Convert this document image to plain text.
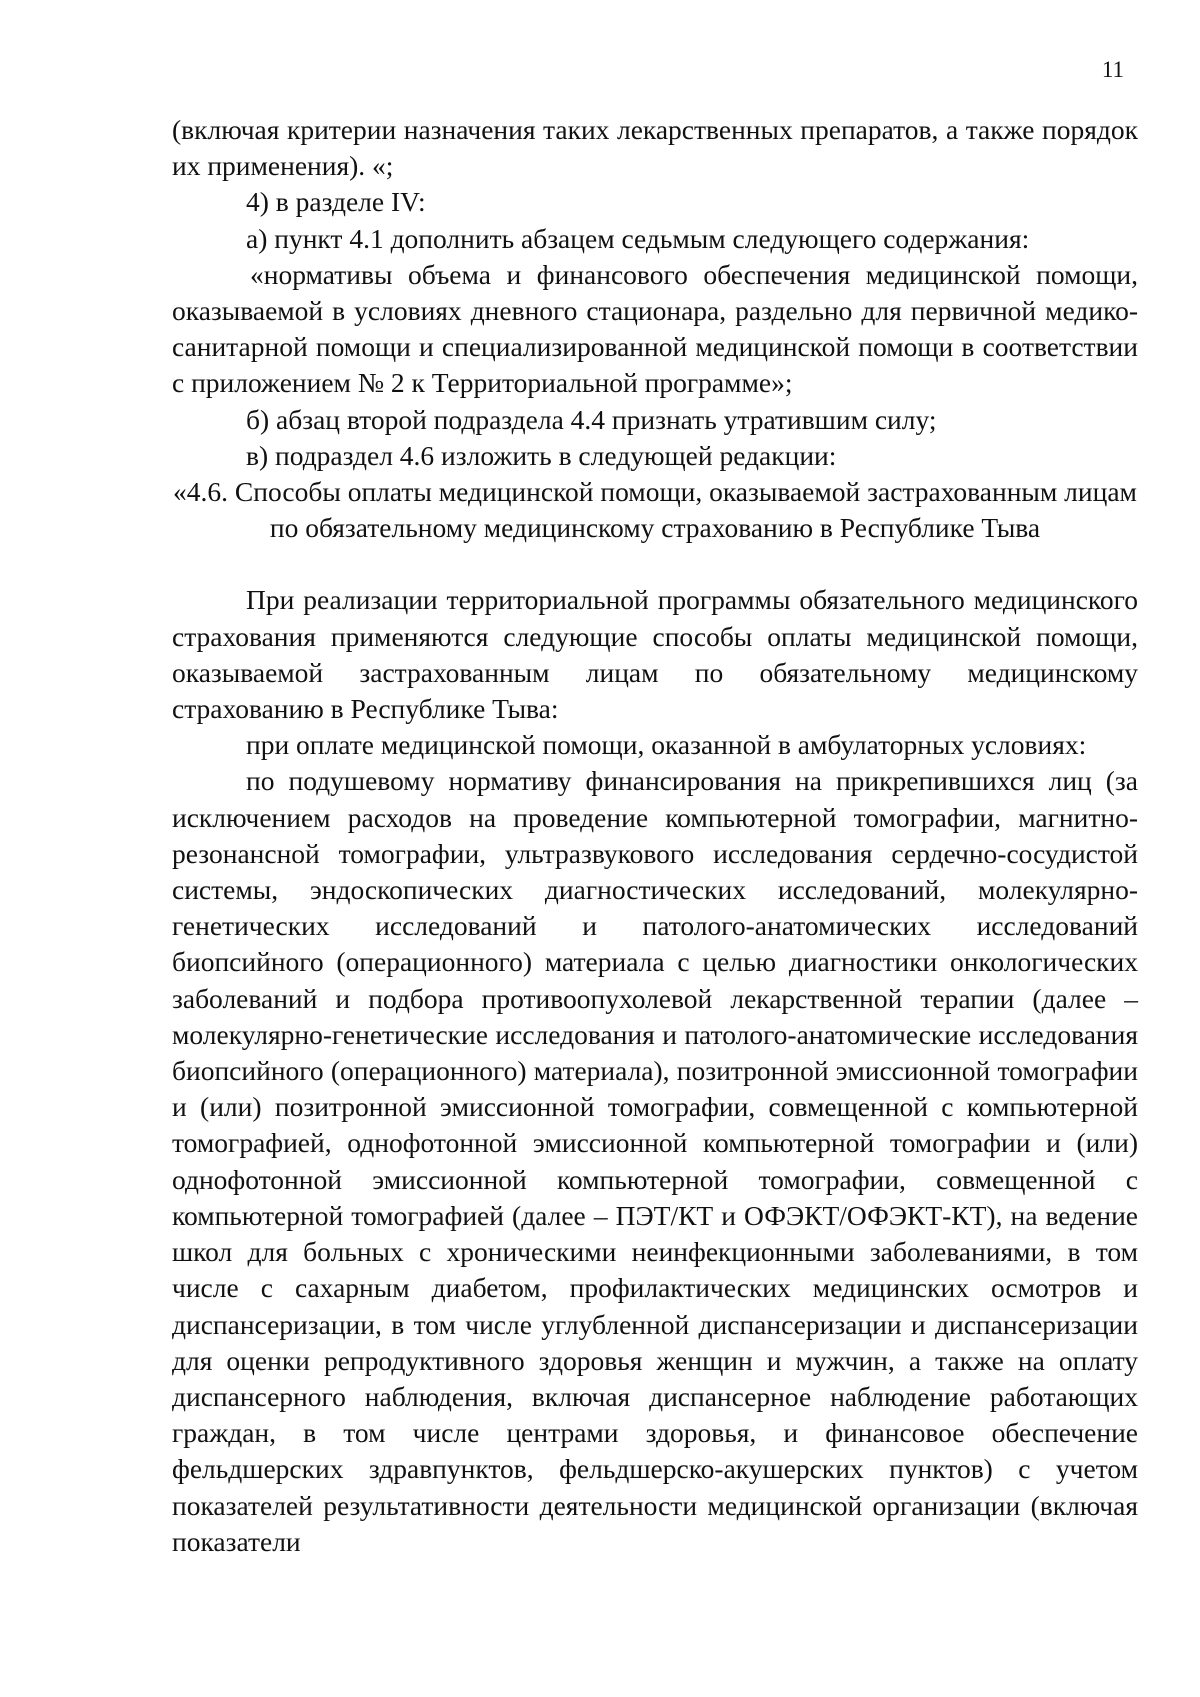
11

(включая критерии назначения таких лекарственных препаратов, а также порядок их применения). «;

4) в разделе IV:

а) пункт 4.1 дополнить абзацем седьмым следующего содержания:

«нормативы объема и финансового обеспечения медицинской помощи, оказываемой в условиях дневного стационара, раздельно для первичной медико-санитарной помощи и специализированной медицинской помощи в соответствии с приложением № 2 к Территориальной программе»;

б) абзац второй подраздела 4.4 признать утратившим силу;

в) подраздел 4.6 изложить в следующей редакции:

«4.6. Способы оплаты медицинской помощи, оказываемой застрахованным лицам по обязательному медицинскому страхованию в Республике Тыва

При реализации территориальной программы обязательного медицинского страхования применяются следующие способы оплаты медицинской помощи, оказываемой застрахованным лицам по обязательному медицинскому страхованию в Республике Тыва:

при оплате медицинской помощи, оказанной в амбулаторных условиях:

по подушевому нормативу финансирования на прикрепившихся лиц (за исключением расходов на проведение компьютерной томографии, магнитно-резонансной томографии, ультразвукового исследования сердечно-сосудистой системы, эндоскопических диагностических исследований, молекулярно-генетических исследований и патолого-анатомических исследований биопсийного (операционного) материала с целью диагностики онкологических заболеваний и подбора противоопухолевой лекарственной терапии (далее – молекулярно-генетические исследования и патолого-анатомические исследования биопсийного (операционного) материала), позитронной эмиссионной томографии и (или) позитронной эмиссионной томографии, совмещенной с компьютерной томографией, однофотонной эмиссионной компьютерной томографии и (или) однофотонной эмиссионной компьютерной томографии, совмещенной с компьютерной томографией (далее – ПЭТ/КТ и ОФЭКТ/ОФЭКТ-КТ), на ведение школ для больных с хроническими неинфекционными заболеваниями, в том числе с сахарным диабетом, профилактических медицинских осмотров и диспансеризации, в том числе углубленной диспансеризации и диспансеризации для оценки репродуктивного здоровья женщин и мужчин, а также на оплату диспансерного наблюдения, включая диспансерное наблюдение работающих граждан, в том числе центрами здоровья, и финансовое обеспечение фельдшерских здравпунктов, фельдшерско-акушерских пунктов) с учетом показателей результативности деятельности медицинской организации (включая показатели
